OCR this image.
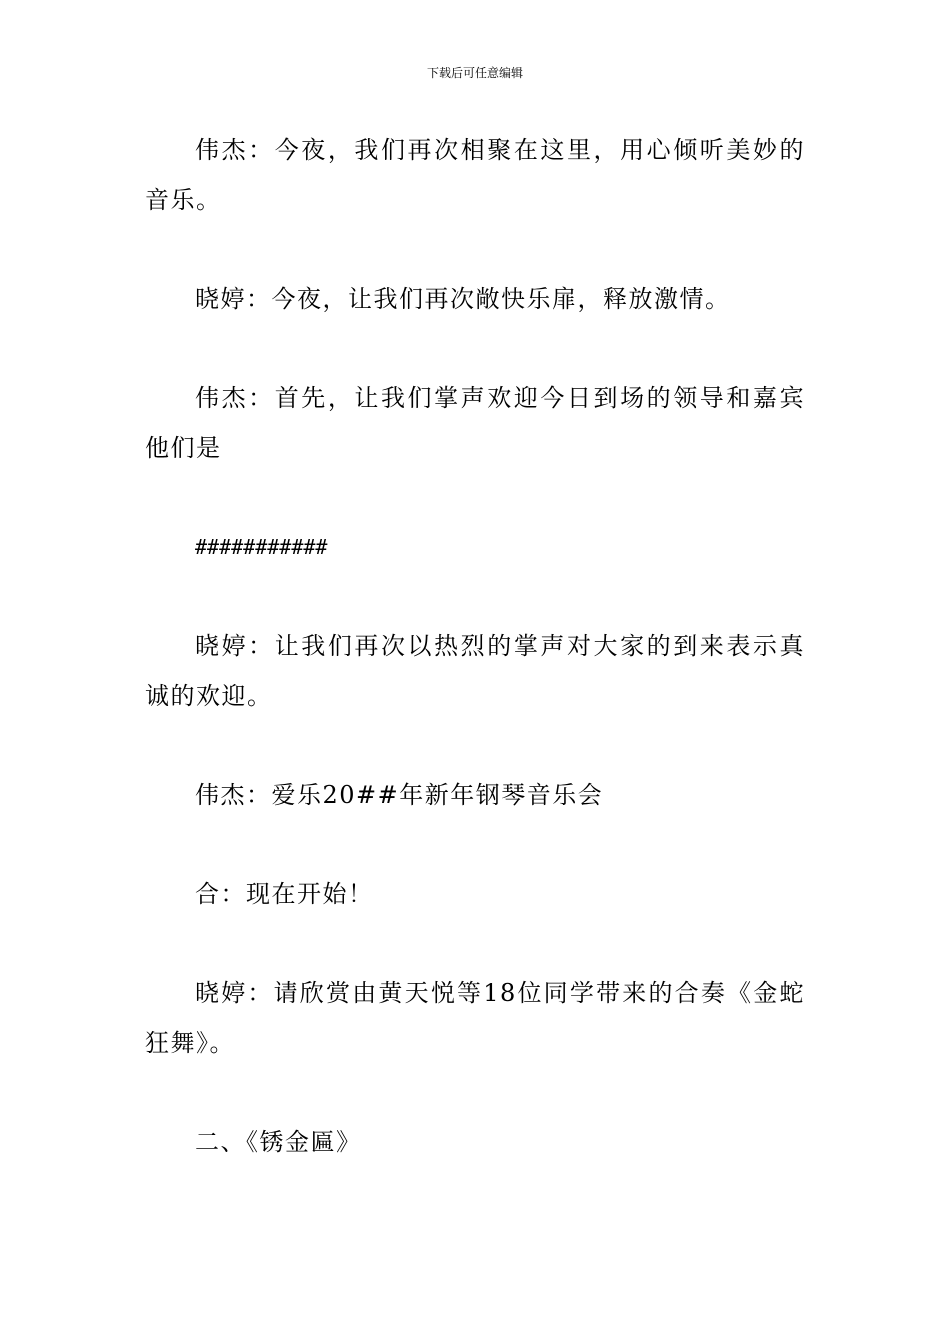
下载后可任意编辑

伟杰：今夜，我们再次相聚在这里，用心倾听美妙的音乐。

晓婷：今夜，让我们再次敞快乐扉，释放激情。

伟杰：首先，让我们掌声欢迎今日到场的领导和嘉宾他们是

###########

晓婷：让我们再次以热烈的掌声对大家的到来表示真诚的欢迎。

伟杰：爱乐20##年新年钢琴音乐会

合：现在开始！

晓婷：请欣赏由黄天悦等18位同学带来的合奏《金蛇狂舞》。

二、《锈金匾》
